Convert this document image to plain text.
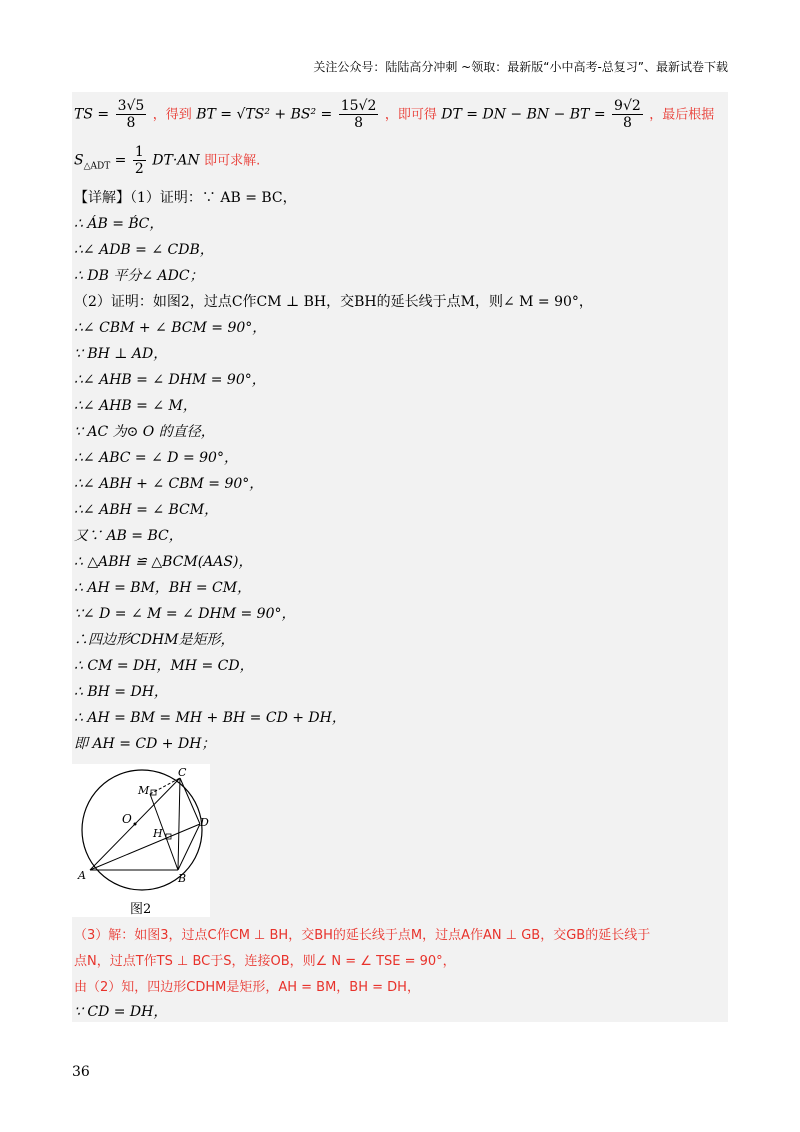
关注公众号：陆陆高分冲刺 ~领取：最新版“小中高考-总复习”、最新试卷下载
TS = $\frac{3√5}{8}$ ，得到 BT = $√TS^2 + BS^2 = \frac{15√2}{8}$ ，即可得 DT = DN − BN − BT = $\frac{9√2}{8}$ ，最后根据
$S_{\triangle ADT} = \frac{1}{2} DT\cdot AN$ 即可求解.
【详解】（1）证明：∵ AB = BC，
∴ ÁB = B́C，
∴∠ ADB = ∠ CDB，
∴ DB 平分∠ ADC；
（2）证明：如图2，过点C作CM ⊥ BH，交BH的延长线于点M，则∠ M = 90°，
∴∠ CBM + ∠ BCM = 90°，
∵ BH ⊥ AD，
∴∠ AHB = ∠ DHM = 90°，
∴∠ AHB = ∠ M，
∵ AC 为⊙ O 的直径，
∴∠ ABC = ∠ D = 90°，
∴∠ ABH + ∠ CBM = 90°，
∴∠ ABH = ∠ BCM，
又∵ AB = BC，
∴ △ABH ≌ △BCM(AAS)，
∴ AH = BM，BH = CM，
∵∠ D = ∠ M = ∠ DHM = 90°，
∴四边形CDHM是矩形，
∴ CM = DH，MH = CD，
∴ BH = DH，
∴ AH = BM = MH + BH = CD + DH，
即 AH = CD + DH；
C
M
O
H
D
A	B
图2
（3）解：如图3，过点C作CM ⊥ BH，交BH的延长线于点M，过点A作AN ⊥ GB，交GB的延长线于
点N，过点T作TS ⊥ BC于S，连接OB，则∠ N = ∠ TSE = 90°，
由（2）知，四边形CDHM是矩形，AH = BM，BH = DH，
∵ CD = DH，
36
